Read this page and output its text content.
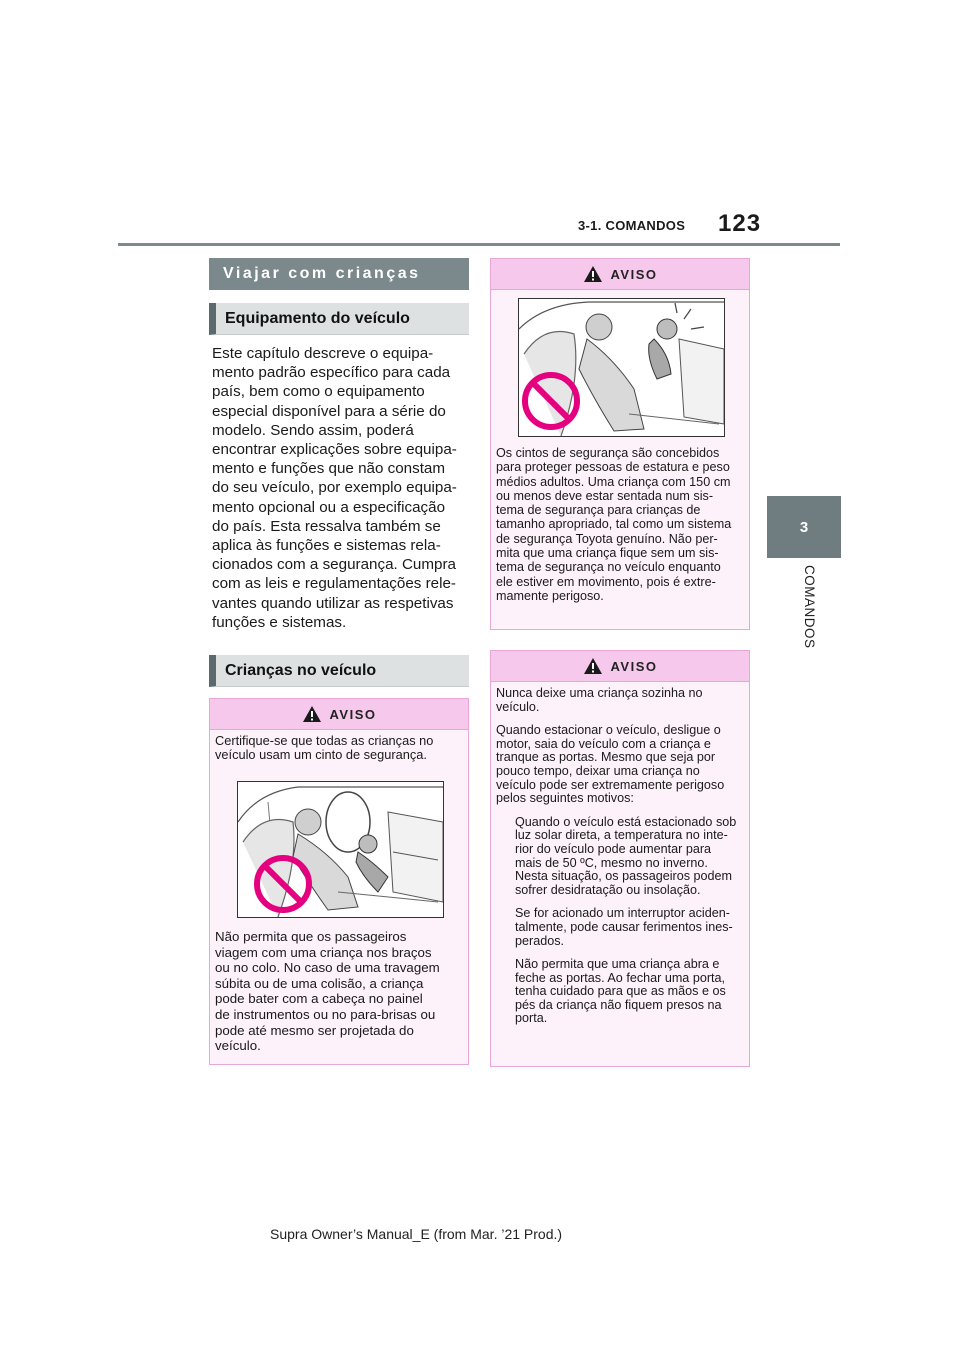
3-1. COMANDOS 123
3
COMANDOS
Viajar com crianças
Equipamento do veículo
Este capítulo descreve o equipa-
mento padrão específico para cada
país, bem como o equipamento
especial disponível para a série do
modelo. Sendo assim, poderá
encontrar explicações sobre equipa-
mento e funções que não constam
do seu veículo, por exemplo equipa-
mento opcional ou a especificação
do país. Esta ressalva também se
aplica às funções e sistemas rela-
cionados com a segurança. Cumpra
com as leis e regulamentações rele-
vantes quando utilizar as respetivas
funções e sistemas.
Crianças no veículo
AVISO
Certifique-se que todas as crianças no
veículo usam um cinto de segurança.
Não permita que os passageiros
viagem com uma criança nos braços
ou no colo. No caso de uma travagem
súbita ou de uma colisão, a criança
pode bater com a cabeça no painel
de instrumentos ou no para-brisas ou
pode até mesmo ser projetada do
veículo.
AVISO
Os cintos de segurança são concebidos
para proteger pessoas de estatura e peso
médios adultos. Uma criança com 150 cm
ou menos deve estar sentada num sis-
tema de segurança para crianças de
tamanho apropriado, tal como um sistema
de segurança Toyota genuíno. Não per-
mita que uma criança fique sem um sis-
tema de segurança no veículo enquanto
ele estiver em movimento, pois é extre-
mamente perigoso.
AVISO
Nunca deixe uma criança sozinha no
veículo.
Quando estacionar o veículo, desligue o
motor, saia do veículo com a criança e
tranque as portas. Mesmo que seja por
pouco tempo, deixar uma criança no
veículo pode ser extremamente perigoso
pelos seguintes motivos:
Quando o veículo está estacionado sob
luz solar direta, a temperatura no inte-
rior do veículo pode aumentar para
mais de 50 ºC, mesmo no inverno.
Nesta situação, os passageiros podem
sofrer desidratação ou insolação.
Se for acionado um interruptor aciden-
talmente, pode causar ferimentos ines-
perados.
Não permita que uma criança abra e
feche as portas. Ao fechar uma porta,
tenha cuidado para que as mãos e os
pés da criança não fiquem presos na
porta.
Supra Owner’s Manual_E (from Mar. ’21 Prod.)
